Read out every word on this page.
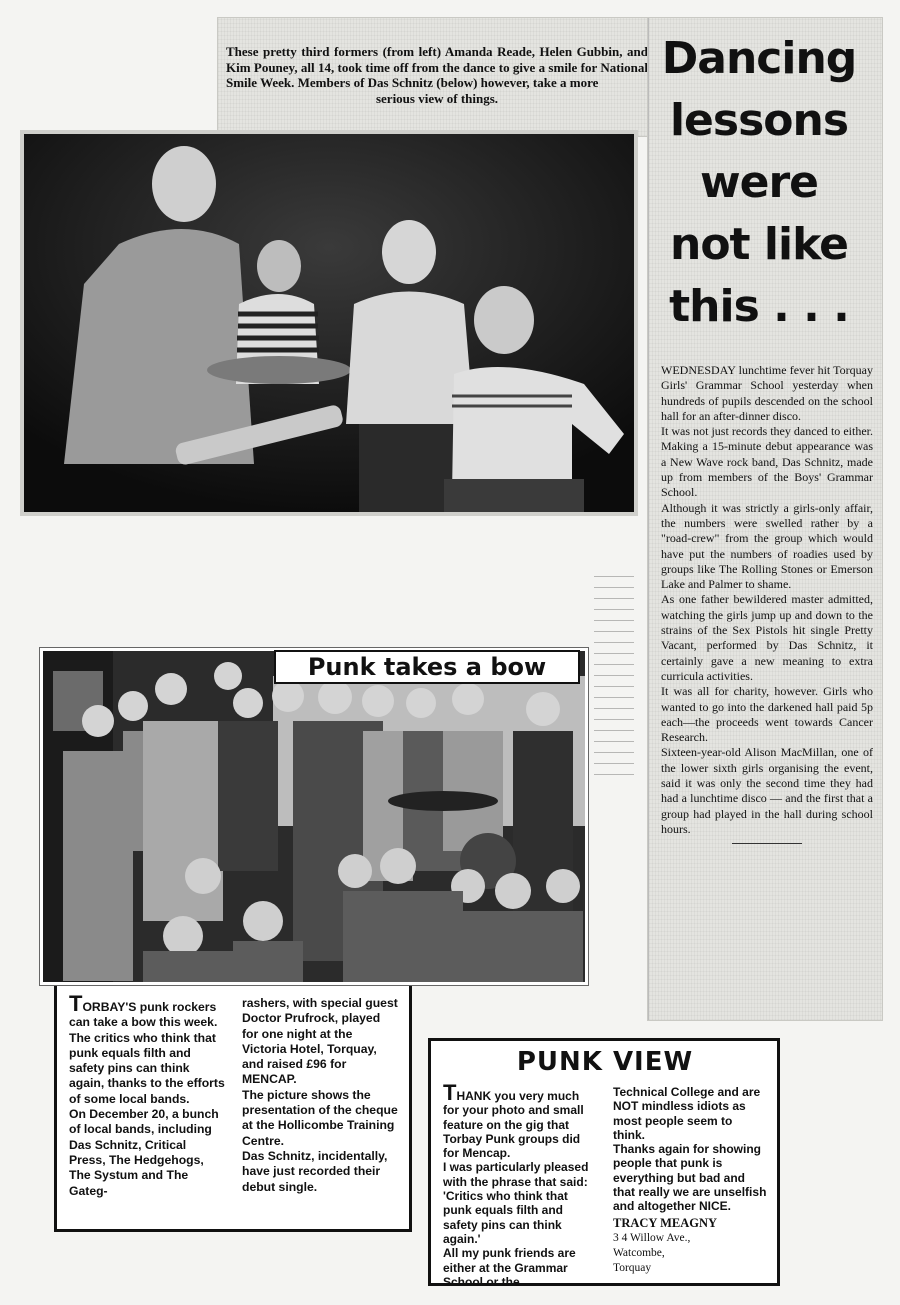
These pretty third formers (from left) Amanda Reade, Helen Gubbin, and Kim Pouney, all 14, took time off from the dance to give a smile for National Smile Week. Members of Das Schnitz (below) however, take a more
serious view of things.
Dancing
lessons
were
not like
this . . .

WEDNESDAY lunchtime fever hit Torquay Girls' Grammar School yesterday when hundreds of pupils descended on the school hall for an after-dinner disco.

It was not just records they danced to either. Making a 15-minute debut appearance was a New Wave rock band, Das Schnitz, made up from members of the Boys' Grammar School.

Although it was strictly a girls-only affair, the numbers were swelled rather by a "road-crew" from the group which would have put the numbers of roadies used by groups like The Rolling Stones or Emerson Lake and Palmer to shame.

As one father bewildered master admitted, watching the girls jump up and down to the strains of the Sex Pistols hit single Pretty Vacant, performed by Das Schnitz, it certainly gave a new meaning to extra curricula activities.

It was all for charity, however. Girls who wanted to go into the darkened hall paid 5p each—the proceeds went towards Cancer Research.

Sixteen-year-old Alison MacMillan, one of the lower sixth girls organising the event, said it was only the second time they had had a lunchtime disco — and the first that a group had played in the hall during school hours.

Punk takes a bow

TORBAY'S punk rockers can take a bow this week.

The critics who think that punk equals filth and safety pins can think again, thanks to the efforts of some local bands.

On December 20, a bunch of local bands, including Das Schnitz, Critical Press, The Hedgehogs, The Systum and The Gateg-

rashers, with special guest Doctor Prufrock, played for one night at the Victoria Hotel, Torquay, and raised £96 for MENCAP.

The picture shows the presentation of the cheque at the Hollicombe Training Centre.

Das Schnitz, incidentally, have just recorded their debut single.

PUNK VIEW

THANK you very much for your photo and small feature on the gig that Torbay Punk groups did for Mencap.

I was particularly pleased with the phrase that said: 'Critics who think that punk equals filth and safety pins can think again.'

All my punk friends are either at the Grammar School or the

Technical College and are NOT mindless idiots as most people seem to think.

Thanks again for showing people that punk is everything but bad and that really we are unselfish and altogether NICE.

TRACY MEAGNY
3 4 Willow Ave.,
Watcombe,
Torquay
